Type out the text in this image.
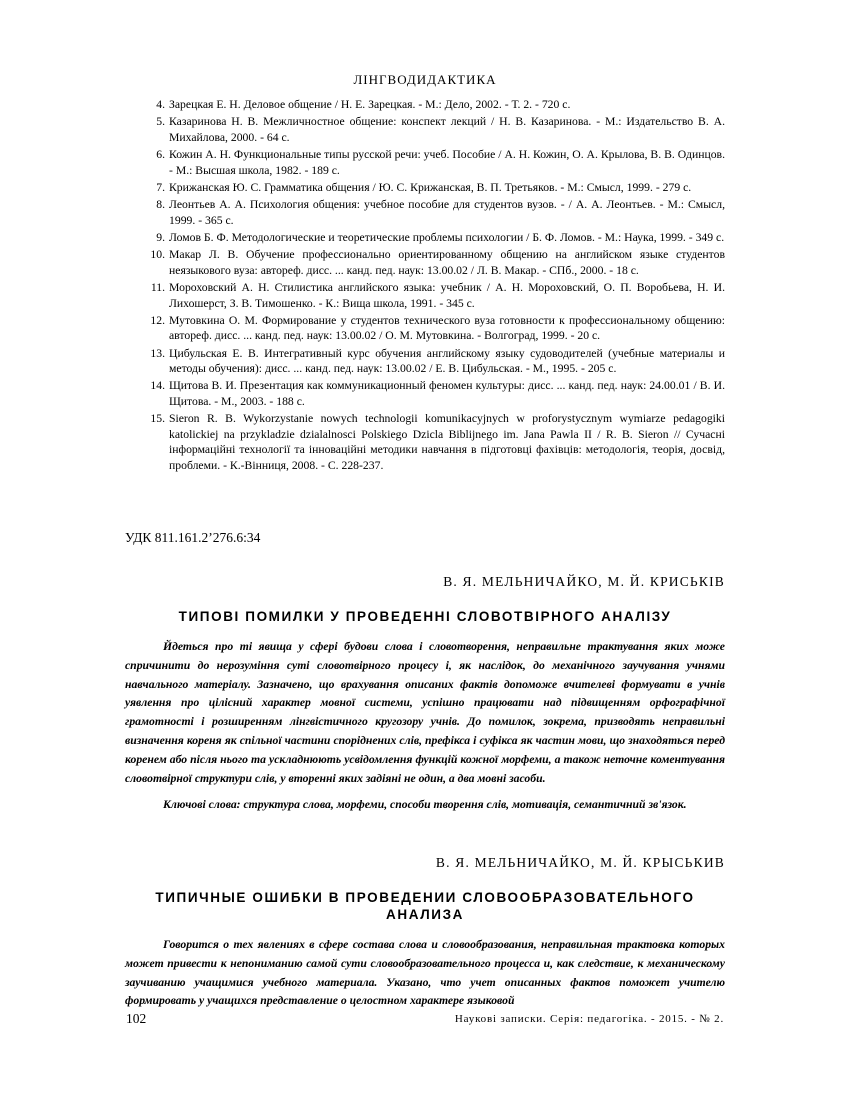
ЛІНГВОДИДАКТИКА
4. Зарецкая Е. Н. Деловое общение / Н. Е. Зарецкая. - М.: Дело, 2002. - Т. 2. - 720 с.
5. Казаринова Н. В. Межличностное общение: конспект лекций / Н. В. Казаринова. - М.: Издательство В. А. Михайлова, 2000. - 64 с.
6. Кожин А. Н. Функциональные типы русской речи: учеб. Пособие / А. Н. Кожин, О. А. Крылова, В. В. Одинцов. - М.: Высшая школа, 1982. - 189 с.
7. Крижанская Ю. С. Грамматика общения / Ю. С. Крижанская, В. П. Третьяков. - М.: Смысл, 1999. - 279 с.
8. Леонтьев А. А. Психология общения: учебное пособие для студентов вузов. - / А. А. Леонтьев. - М.: Смысл, 1999. - 365 с.
9. Ломов Б. Ф. Методологические и теоретические проблемы психологии / Б. Ф. Ломов. - М.: Наука, 1999. - 349 с.
10. Макар Л. В. Обучение профессионально ориентированному общению на английском языке студентов неязыкового вуза: автореф. дисс. ... канд. пед. наук: 13.00.02 / Л. В. Макар. - СПб., 2000. - 18 с.
11. Мороховский А. Н. Стилистика английского языка: учебник / А. Н. Мороховский, О. П. Воробьева, Н. И. Лихошерст, З. В. Тимошенко. - К.: Вища школа, 1991. - 345 с.
12. Мутовкина О. М. Формирование у студентов технического вуза готовности к профессиональному общению: автореф. дисс. ... канд. пед. наук: 13.00.02 / О. М. Мутовкина. - Волгоград, 1999. - 20 с.
13. Цибульская Е. В. Интегративный курс обучения английскому языку судоводителей (учебные материалы и методы обучения): дисс. ... канд. пед. наук: 13.00.02 / Е. В. Цибульская. - М., 1995. - 205 с.
14. Щитова В. И. Презентация как коммуникационный феномен культуры: дисс. ... канд. пед. наук: 24.00.01 / В. И. Щитова. - М., 2003. - 188 с.
15. Sieron R. B. Wykorzystanie nowych technologii komunikacyjnych w proforystycznym wymiarze pedagogiki katolickiej na przykladzie dzialalnosci Polskiego Dzicla Biblijnego im. Jana Pawla II / R. B. Sieron // Сучасні інформаційні технології та інноваційні методики навчання в підготовці фахівців: методологія, теорія, досвід, проблеми. - К.-Вінниця, 2008. - С. 228-237.
УДК 811.161.2’276.6:34
В. Я. МЕЛЬНИЧАЙКО, М. Й. КРИСЬКІВ
ТИПОВІ ПОМИЛКИ У ПРОВЕДЕННІ СЛОВОТВІРНОГО АНАЛІЗУ

Йдеться про ті явища у сфері будови слова і словотворення, неправильне трактування яких може спричинити до нерозуміння суті словотвірного процесу і, як наслідок, до механічного заучування учнями навчального матеріалу. Зазначено, що врахування описаних фактів допоможе вчителеві формувати в учнів уявлення про цілісний характер мовної системи, успішно працювати над підвищенням орфографічної грамотності і розширенням лінгвістичного кругозору учнів. До помилок, зокрема, призводять неправильні визначення кореня як спільної частини споріднених слів, префікса і суфікса як частин мови, що знаходяться перед коренем або після нього та ускладнюють усвідомлення функцій кожної морфеми, а також неточне коментування словотвірної структури слів, у вторенні яких задіяні не один, а два мовні засоби.

Ключові слова: структура слова, морфеми, способи творення слів, мотивація, семантичний зв'язок.

В. Я. МЕЛЬНИЧАЙКО, М. Й. КРЫСЬКИВ
ТИПИЧНЫЕ ОШИБКИ В ПРОВЕДЕНИИ СЛОВООБРАЗОВАТЕЛЬНОГО
АНАЛИЗА

Говорится о тех явлениях в сфере состава слова и словообразования, неправильная трактовка которых может привести к непониманию самой сути словообразовательного процесса и, как следствие, к механическому заучиванию учащимися учебного материала. Указано, что учет описанных фактов поможет учителю формировать у учащихся представление о целостном характере языковой

102	Наукові записки. Серія: педагогіка. - 2015. - № 2.
